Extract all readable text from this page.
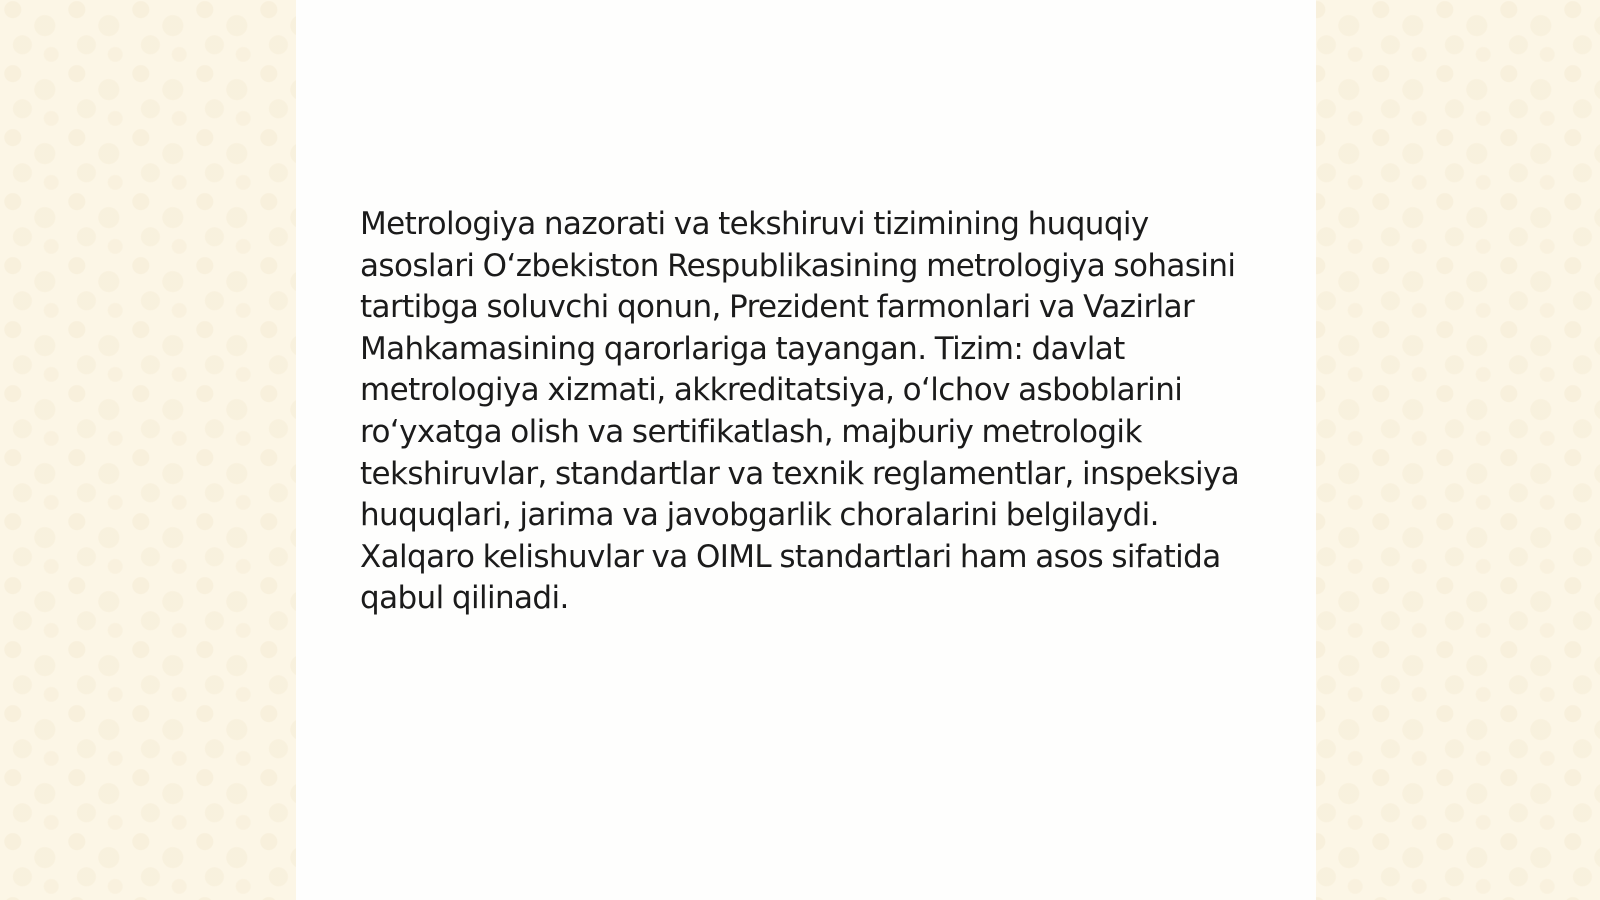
Metrologiya nazorati va tekshiruvi tizimining huquqiy asoslari Oʻzbekiston Respublikasining metrologiya sohasini tartibga soluvchi qonun, Prezident farmonlari va Vazirlar Mahkamasining qarorlariga tayangan. Tizim: davlat metrologiya xizmati, akkreditatsiya, oʻlchov asboblarini roʻyxatga olish va sertifikatlash, majburiy metrologik tekshiruvlar, standartlar va texnik reglamentlar, inspeksiya huquqlari, jarima va javobgarlik choralarini belgilaydi. Xalqaro kelishuvlar va OIML standartlari ham asos sifatida qabul qilinadi.
